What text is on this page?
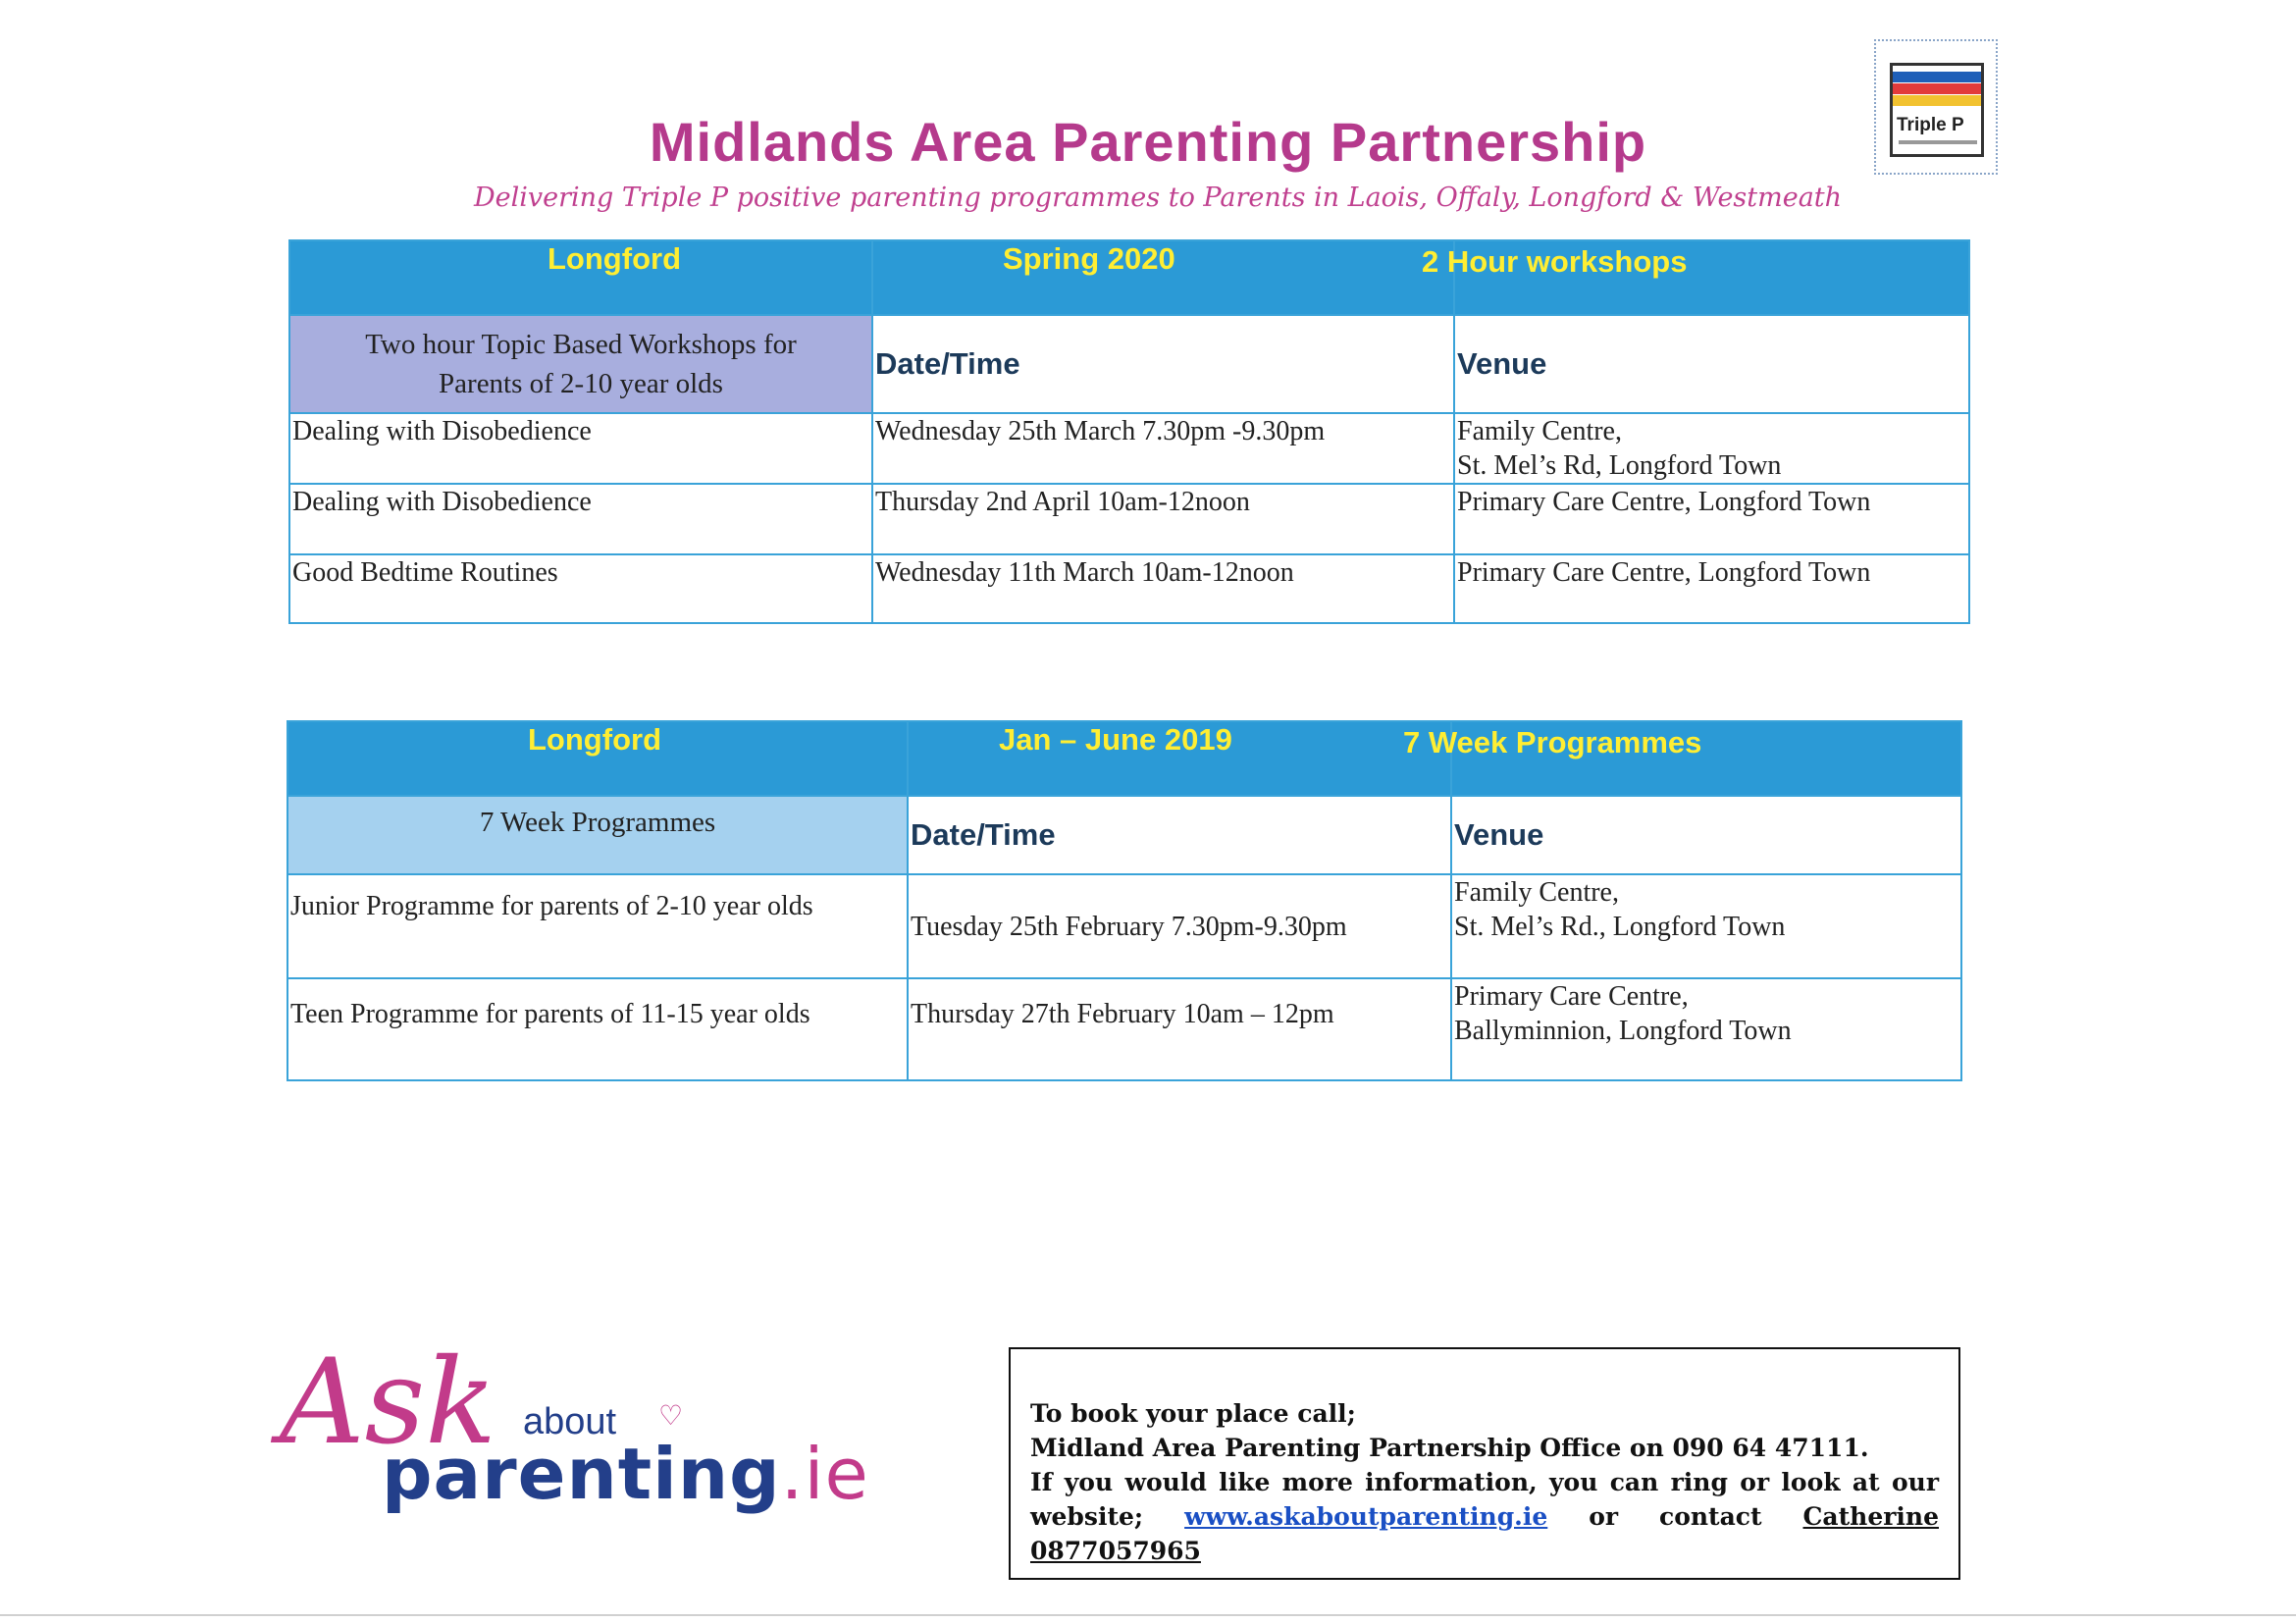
Midlands Area Parenting Partnership
Delivering Triple P positive parenting programmes to Parents in Laois, Offaly, Longford & Westmeath
Triple P
Longford	Spring 2020	2 Hour workshops

Two hour Topic Based Workshops for Parents of 2-10 year olds	Date/Time	Venue
Dealing with Disobedience	Wednesday 25th March 7.30pm -9.30pm	Family Centre,
St. Mel’s Rd, Longford Town

Dealing with Disobedience	Thursday 2nd April 10am-12noon	Primary Care Centre, Longford Town
Good Bedtime Routines	Wednesday 11th March 10am-12noon	Primary Care Centre, Longford Town
Longford	Jan – June 2019	7 Week Programmes

7 Week Programmes	Date/Time	Venue
Junior Programme for parents of 2-10 year olds	Tuesday 25th February 7.30pm-9.30pm	Family Centre,
St. Mel’s Rd., Longford Town

Teen Programme for parents of 11-15 year olds	Thursday 27th February 10am – 12pm	Primary Care Centre,
Ballyminnion, Longford Town
Ask about ♡
parenting.ie
To book your place call;
Midland Area Parenting Partnership Office on 090 64 47111.
If you would like more information, you can ring or look at our
website; www.askaboutparenting.ie or contact Catherine
0877057965
